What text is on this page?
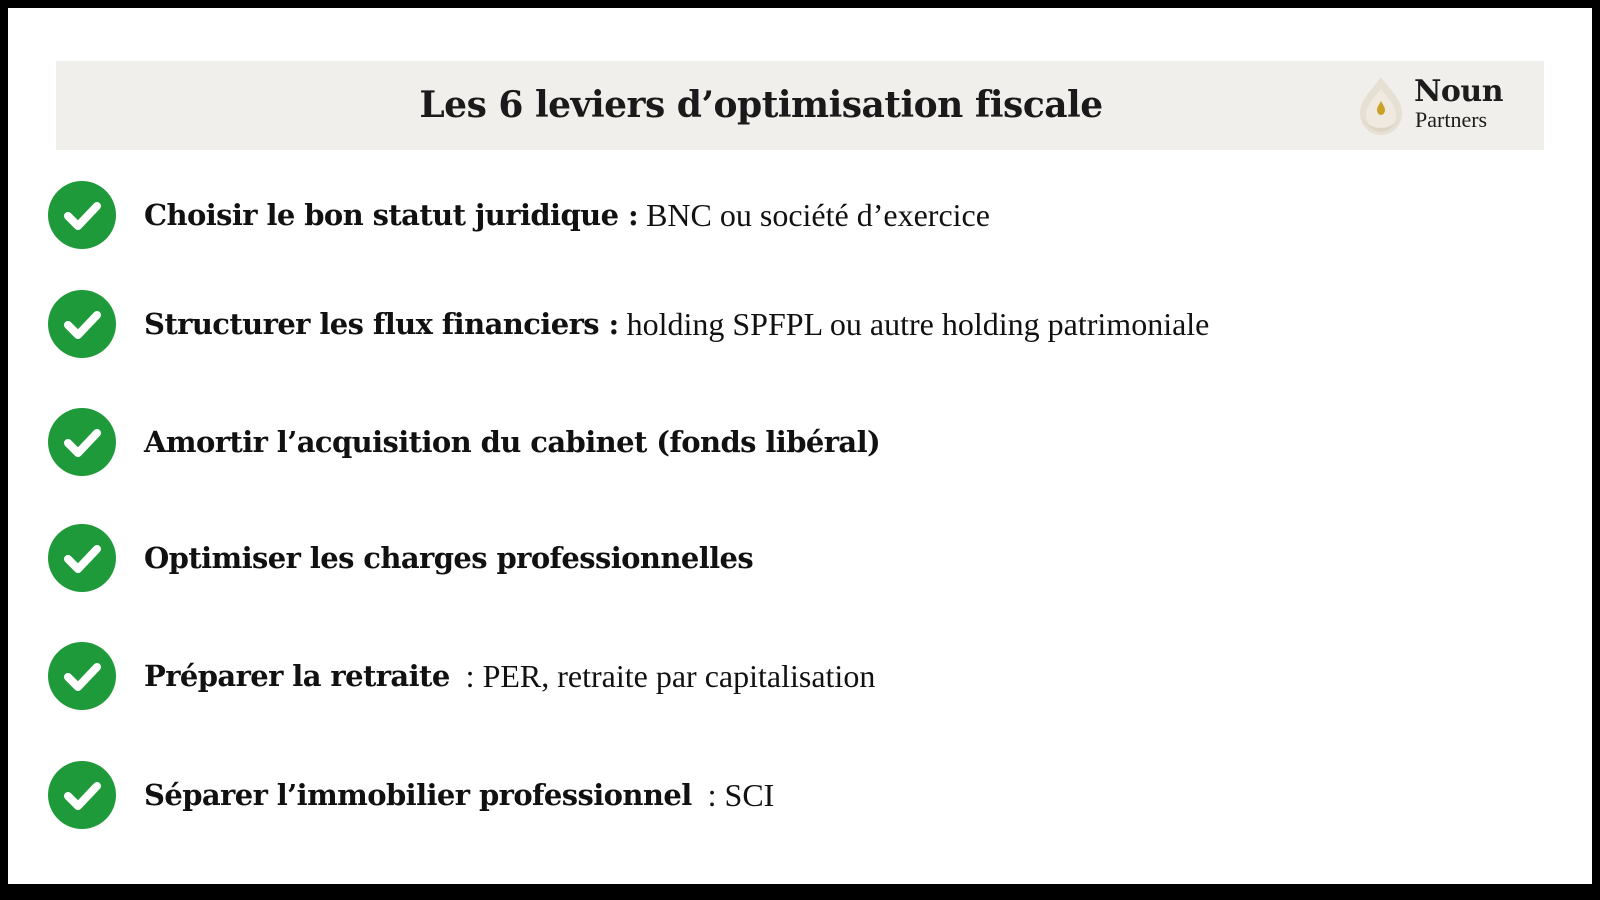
Les 6 leviers d’optimisation fiscale	Noun
Partners
Choisir le bon statut juridique : BNC ou société d’exercice
Structurer les flux financiers : holding SPFPL ou autre holding patrimoniale
Amortir l’acquisition du cabinet (fonds libéral)
Optimiser les charges professionnelles
Préparer la retraite : PER, retraite par capitalisation
Séparer l’immobilier professionnel : SCI
